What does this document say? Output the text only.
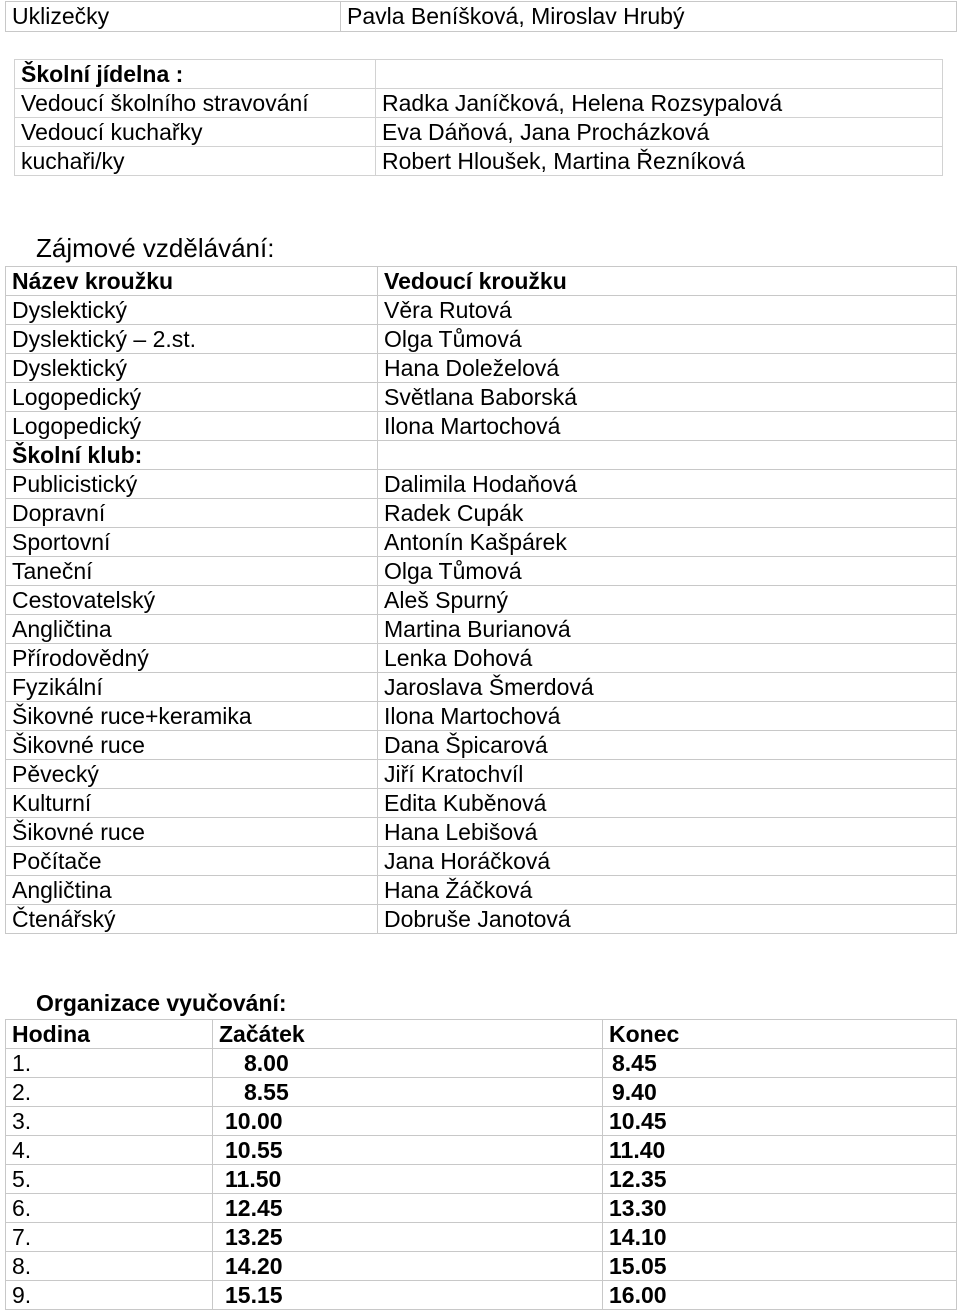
Uklizečky	Pavla Beníšková, Miroslav Hrubý
Školní jídelna :	
Vedoucí školního stravování	Radka Janíčková, Helena Rozsypalová
Vedoucí kuchařky	Eva Dáňová, Jana Procházková
kuchaři/ky	Robert Hloušek, Martina Řezníková
Zájmové vzdělávání:
Název kroužku	Vedoucí kroužku
Dyslektický	Věra Rutová
Dyslektický – 2.st.	Olga Tůmová
Dyslektický	Hana Doleželová
Logopedický	Světlana Baborská
Logopedický	Ilona Martochová
Školní klub:	
Publicistický	Dalimila Hodaňová
Dopravní	Radek Cupák
Sportovní	Antonín Kašpárek
Taneční	Olga Tůmová
Cestovatelský	Aleš Spurný
Angličtina	Martina Burianová
Přírodovědný	Lenka Dohová
Fyzikální	Jaroslava Šmerdová
Šikovné ruce+keramika	Ilona Martochová
Šikovné ruce	Dana Špicarová
Pěvecký	Jiří Kratochvíl
Kulturní	Edita Kuběnová
Šikovné ruce	Hana Lebišová
Počítače	Jana Horáčková
Angličtina	Hana Žáčková
Čtenářský	Dobruše Janotová
Organizace vyučování:
Hodina	Začátek	Konec
1.	8.00	8.45
2.	8.55	9.40
3.	10.00	10.45
4.	10.55	11.40
5.	11.50	12.35
6.	12.45	13.30
7.	13.25	14.10
8.	14.20	15.05
9.	15.15	16.00
